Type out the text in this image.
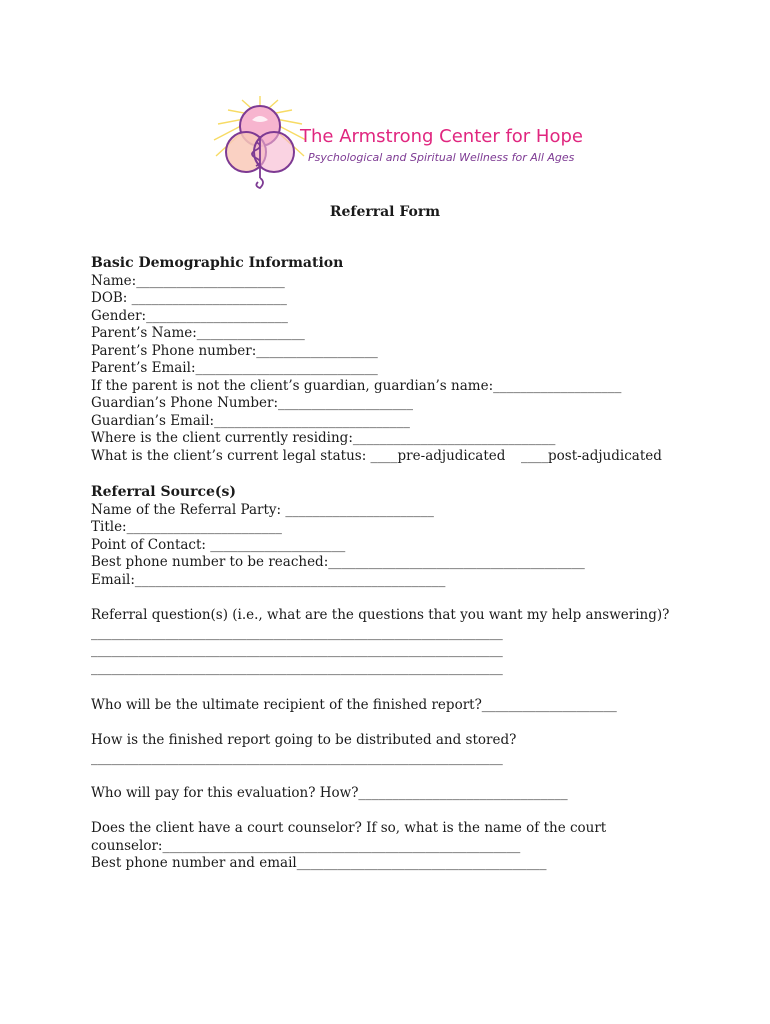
The Armstrong Center for Hope
Psychological and Spiritual Wellness for All Ages
Referral Form
Basic Demographic Information
Name:______________________
DOB: _______________________
Gender:_____________________
Parent’s Name:________________
Parent’s Phone number:__________________
Parent’s Email:___________________________
If the parent is not the client’s guardian, guardian’s name:___________________
Guardian’s Phone Number:____________________
Guardian’s Email:_____________________________
Where is the client currently residing:______________________________
What is the client’s current legal status: ____pre-adjudicated ____post-adjudicated
Referral Source(s)
Name of the Referral Party: ______________________
Title:_______________________
Point of Contact: ____________________
Best phone number to be reached:______________________________________
Email:______________________________________________
Referral question(s) (i.e., what are the questions that you want my help answering)?
_____________________________________________________________
_____________________________________________________________
_____________________________________________________________
Who will be the ultimate recipient of the finished report?____________________
How is the finished report going to be distributed and stored?
_____________________________________________________________
Who will pay for this evaluation? How?_______________________________
Does the client have a court counselor? If so, what is the name of the court
counselor:_____________________________________________________
Best phone number and email_____________________________________
